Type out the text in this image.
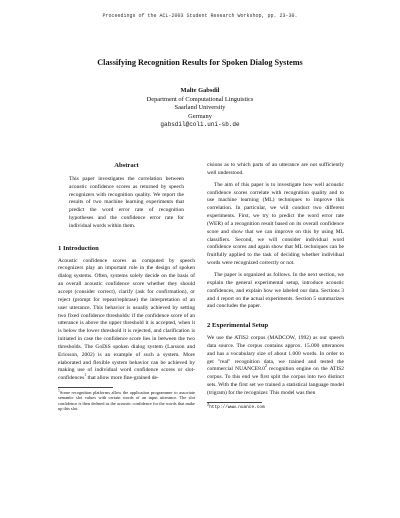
Proceedings of the ACL-2003 Student Research Workshop, pp. 23-30.
Classifying Recognition Results for Spoken Dialog Systems
Malte Gabsdil
Department of Computational Linguistics
Saarland University
Germany
gabsdil@coli.uni-sb.de
Abstract
This paper investigates the correlation between acoustic confidence scores as returned by speech recognizers with recognition quality. We report the results of two machine learning experiments that predict the word error rate of recognition hypotheses and the confidence error rate for individual words within them.
1 Introduction

Acoustic confidence scores as computed by speech recognizers play an important role in the design of spoken dialog systems. Often, systems solely decide on the basis of an overall acoustic confidence score whether they should accept (consider correct), clarify (ask for confirmation), or reject (prompt for repeat/rephrase) the interpretation of an user utterance. This behavior is usually achieved by setting two fixed confidence thresholds: if the confidence score of an utterance is above the upper threshold it is accepted, when it is below the lower threshold it is rejected, and clarification is initiated in case the confidence score lies in between the two thresholds. The GoDiS spoken dialog system (Larsson and Ericsson, 2002) is an example of such a system. More elaborated and flexible system behavior can be achieved by making use of individual word confidence scores or slot-confidences$^1$ that allow more fine-grained de-

$^1$Some recognition platforms allow the application programmer to associate semantic slot values with certain words of an input utterance. The slot confidence is then defined as the acoustic confidence for the words that make up this slot.

cisions as to which parts of an utterance are not sufficiently well understood.

The aim of this paper is to investigate how well acoustic confidence scores correlate with recognition quality and to use machine learning (ML) techniques to improve this correlation. In particular, we will conduct two different experiments. First, we try to predict the word error rate (WER) of a recognition result based on its overall confidence score and show that we can improve on this by using ML classifiers. Second, we will consider individual word confidence scores and again show that ML techniques can be fruitfully applied to the task of deciding whether individual words were recognized correctly or not.

The paper is organized as follows. In the next section, we explain the general experimental setup, introduce acoustic confidences, and explain how we labeled our data. Sections 3 and 4 report on the actual experiments. Section 5 summarizes and concludes the paper.

2 Experimental Setup

We use the ATIS2 corpus (MADCOW, 1992) as our speech data source. The corpus contains approx. 15.000 utterances and has a vocabulary size of about 1.000 words. In order to get "real" recognition data, we trained and tested the commercial $NUANCE8.0^2$ recognition engine on the ATIS2 corpus. To this end we first split the corpus into two distinct sets. With the first set we trained a statistical language model (trigram) for the recognizer. This model was then

$^2$http://www.nuance.com
